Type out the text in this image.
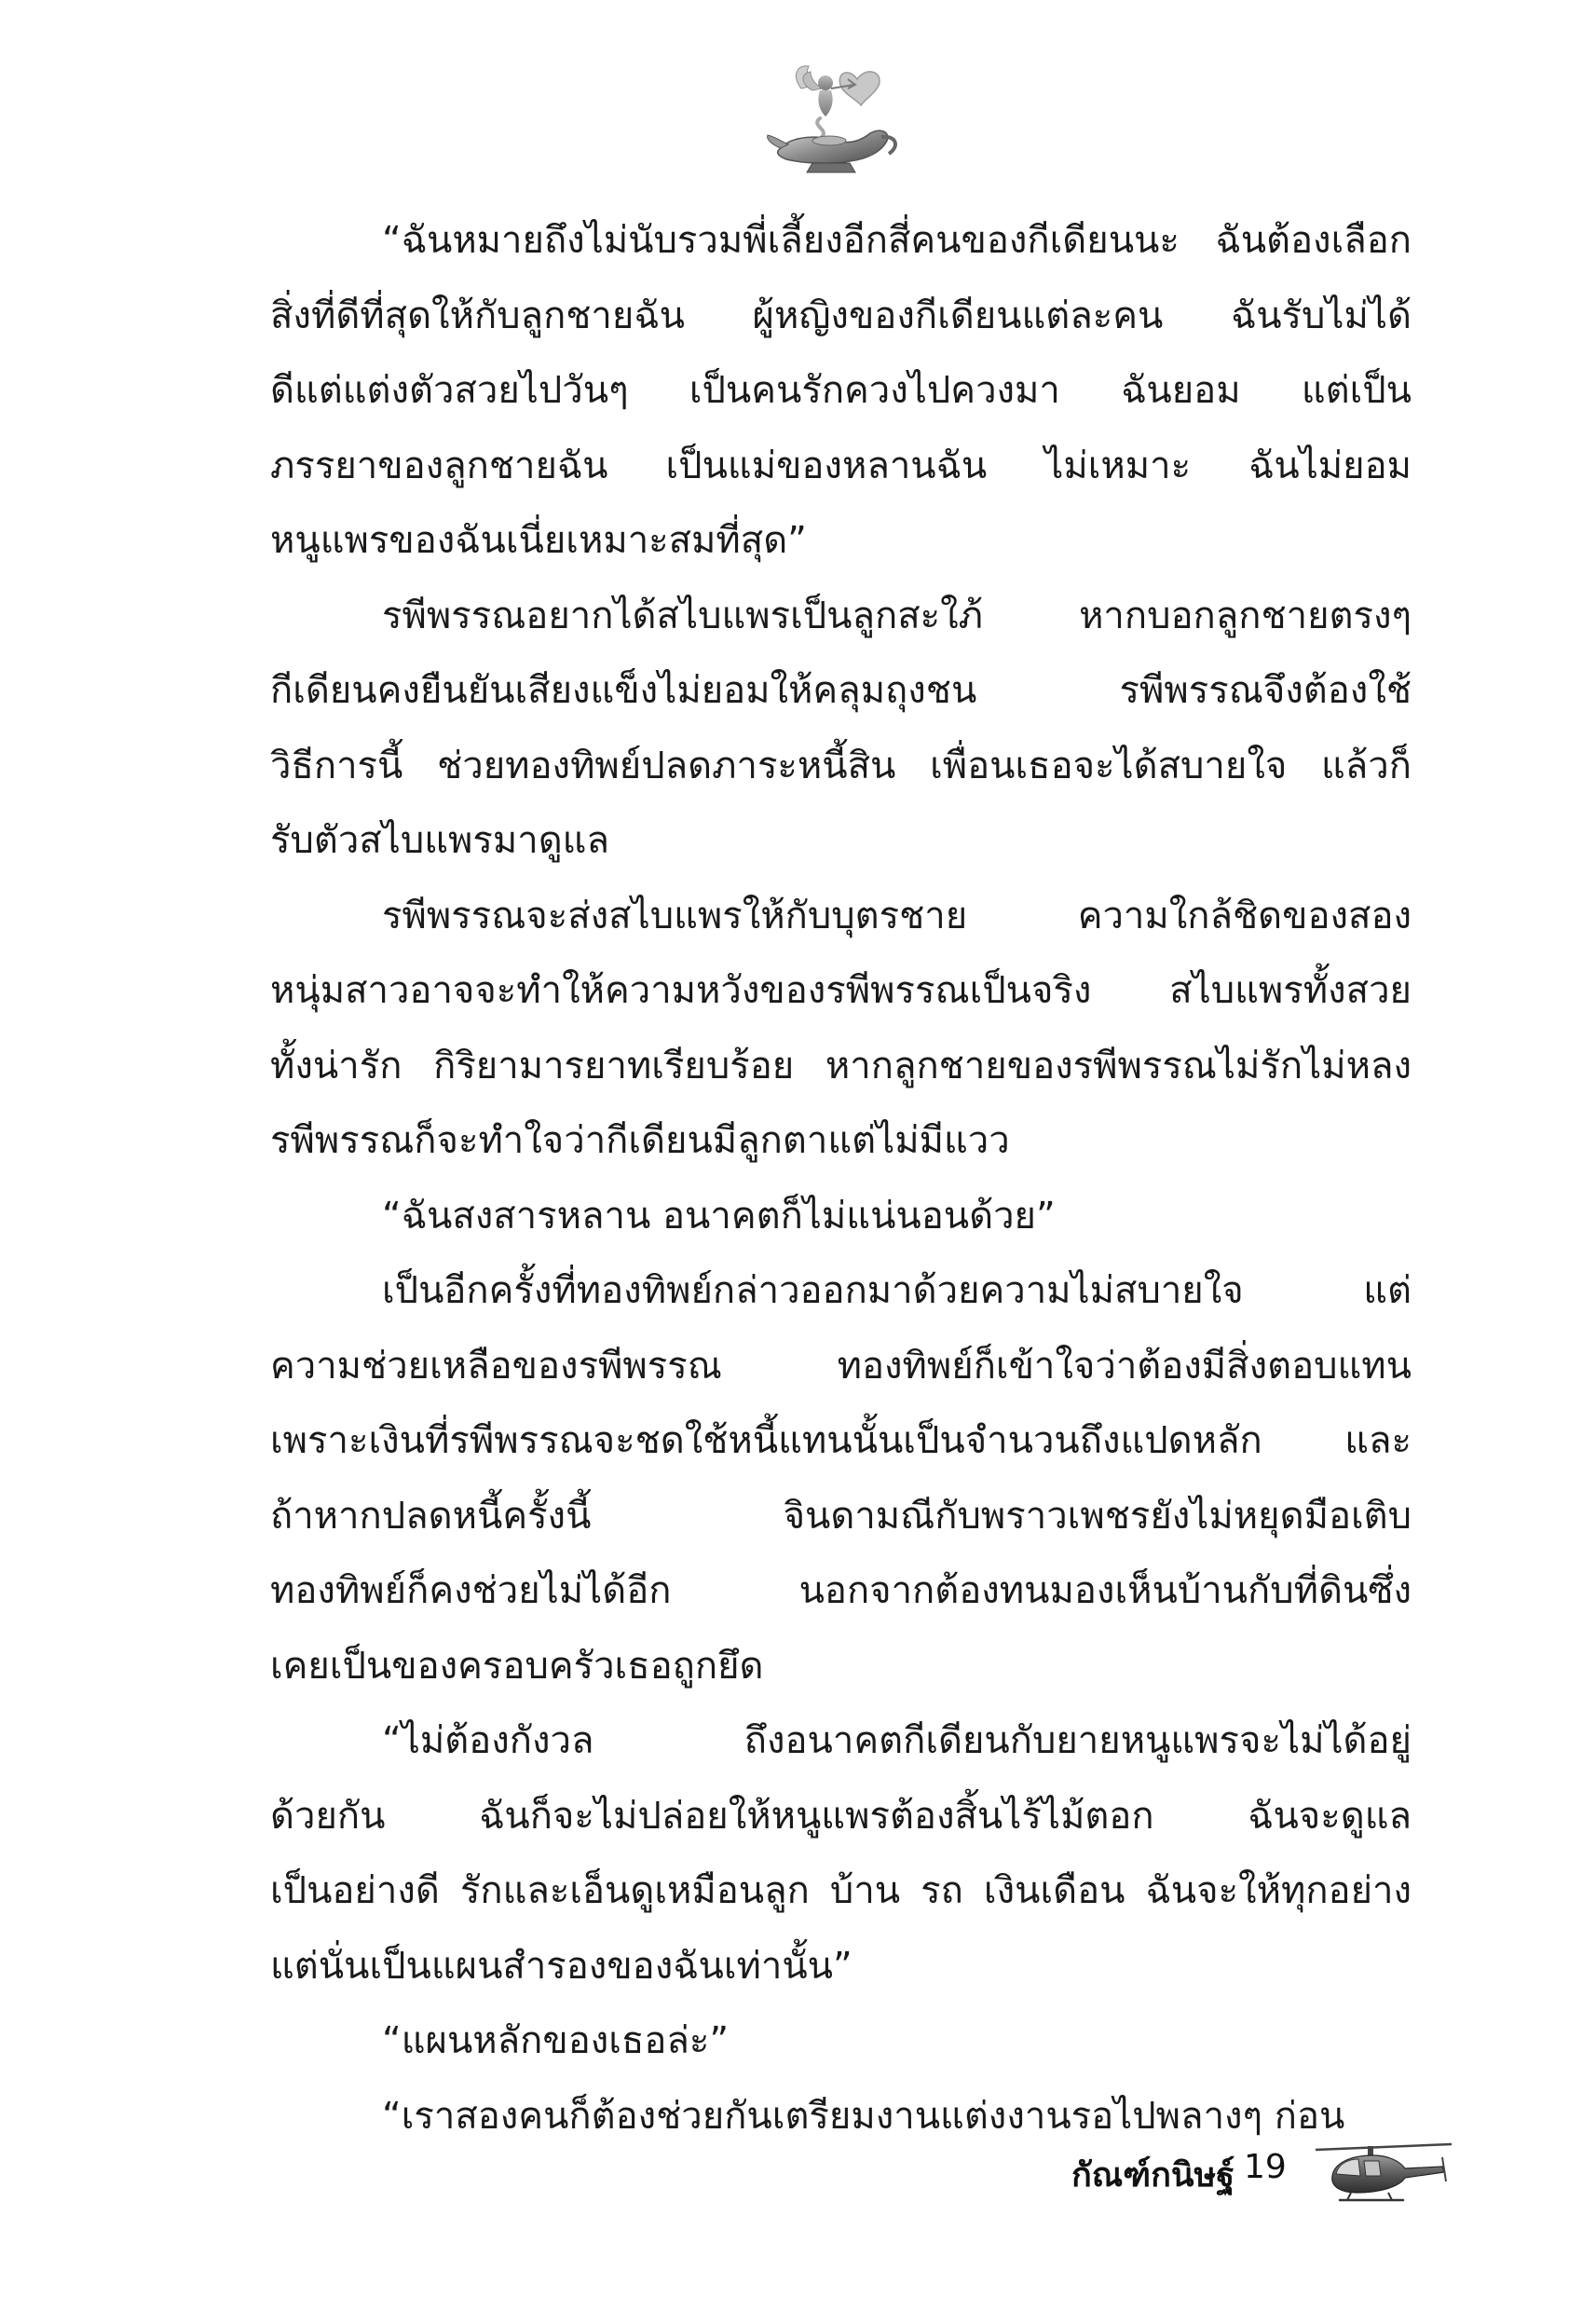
“ฉันหมายถึงไม่นับรวมพี่เลี้ยงอีกสี่คนของกีเดียนนะ ฉันต้องเลือก
สิ่งที่ดีที่สุดให้กับลูกชายฉัน ผู้หญิงของกีเดียนแต่ละคน ฉันรับไม่ได้
ดีแต่แต่งตัวสวยไปวันๆ เป็นคนรักควงไปควงมา ฉันยอม แต่เป็น
ภรรยาของลูกชายฉัน เป็นแม่ของหลานฉัน ไม่เหมาะ ฉันไม่ยอม
หนูแพรของฉันเนี่ยเหมาะสมที่สุด”
รพีพรรณอยากได้สไบแพรเป็นลูกสะใภ้ หากบอกลูกชายตรงๆ
กีเดียนคงยืนยันเสียงแข็งไม่ยอมให้คลุมถุงชน รพีพรรณจึงต้องใช้
วิธีการนี้ ช่วยทองทิพย์ปลดภาระหนี้สิน เพื่อนเธอจะได้สบายใจ แล้วก็
รับตัวสไบแพรมาดูแล
รพีพรรณจะส่งสไบแพรให้กับบุตรชาย ความใกล้ชิดของสอง
หนุ่มสาวอาจจะทำให้ความหวังของรพีพรรณเป็นจริง สไบแพรทั้งสวย
ทั้งน่ารัก กิริยามารยาทเรียบร้อย หากลูกชายของรพีพรรณไม่รักไม่หลง
รพีพรรณก็จะทำใจว่ากีเดียนมีลูกตาแต่ไม่มีแวว
“ฉันสงสารหลาน อนาคตก็ไม่แน่นอนด้วย”
เป็นอีกครั้งที่ทองทิพย์กล่าวออกมาด้วยความไม่สบายใจ แต่
ความช่วยเหลือของรพีพรรณ ทองทิพย์ก็เข้าใจว่าต้องมีสิ่งตอบแทน
เพราะเงินที่รพีพรรณจะชดใช้หนี้แทนนั้นเป็นจำนวนถึงแปดหลัก และ
ถ้าหากปลดหนี้ครั้งนี้ จินดามณีกับพราวเพชรยังไม่หยุดมือเติบ
ทองทิพย์ก็คงช่วยไม่ได้อีก นอกจากต้องทนมองเห็นบ้านกับที่ดินซึ่ง
เคยเป็นของครอบครัวเธอถูกยึด
“ไม่ต้องกังวล ถึงอนาคตกีเดียนกับยายหนูแพรจะไม่ได้อยู่
ด้วยกัน ฉันก็จะไม่ปล่อยให้หนูแพรต้องสิ้นไร้ไม้ตอก ฉันจะดูแล
เป็นอย่างดี รักและเอ็นดูเหมือนลูก บ้าน รถ เงินเดือน ฉันจะให้ทุกอย่าง
แต่นั่นเป็นแผนสำรองของฉันเท่านั้น”
“แผนหลักของเธอล่ะ”
“เราสองคนก็ต้องช่วยกันเตรียมงานแต่งงานรอไปพลางๆ ก่อน
กัณฑ์กนิษฐ์ 19
